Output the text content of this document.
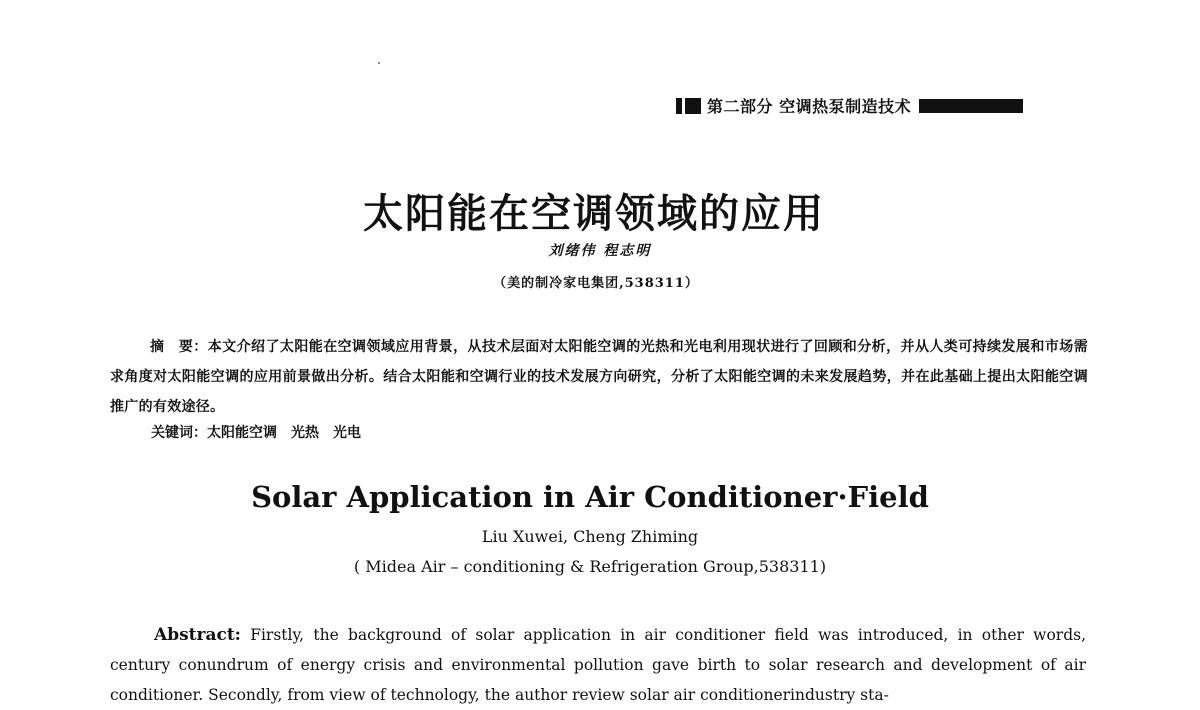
第二部分 空调热泵制造技术
太阳能在空调领域的应用
刘绪伟 程志明
（美的制冷家电集团,538311）

摘　要：本文介绍了太阳能在空调领域应用背景，从技术层面对太阳能空调的光热和光电利用现状进行了回顾和分析，并从人类可持续发展和市场需求角度对太阳能空调的应用前景做出分析。结合太阳能和空调行业的技术发展方向研究，分析了太阳能空调的未来发展趋势，并在此基础上提出太阳能空调推广的有效途径。

关键词：太阳能空调　光热　光电
Solar Application in Air Conditioner·Field
Liu Xuwei, Cheng Zhiming
( Midea Air – conditioning & Refrigeration Group,538311)

Abstract: Firstly, the background of solar application in air conditioner field was introduced, in other words, century conundrum of energy crisis and environmental pollution gave birth to solar research and development of air conditioner. Secondly, from view of technology, the author review solar air conditionerindustry sta-
